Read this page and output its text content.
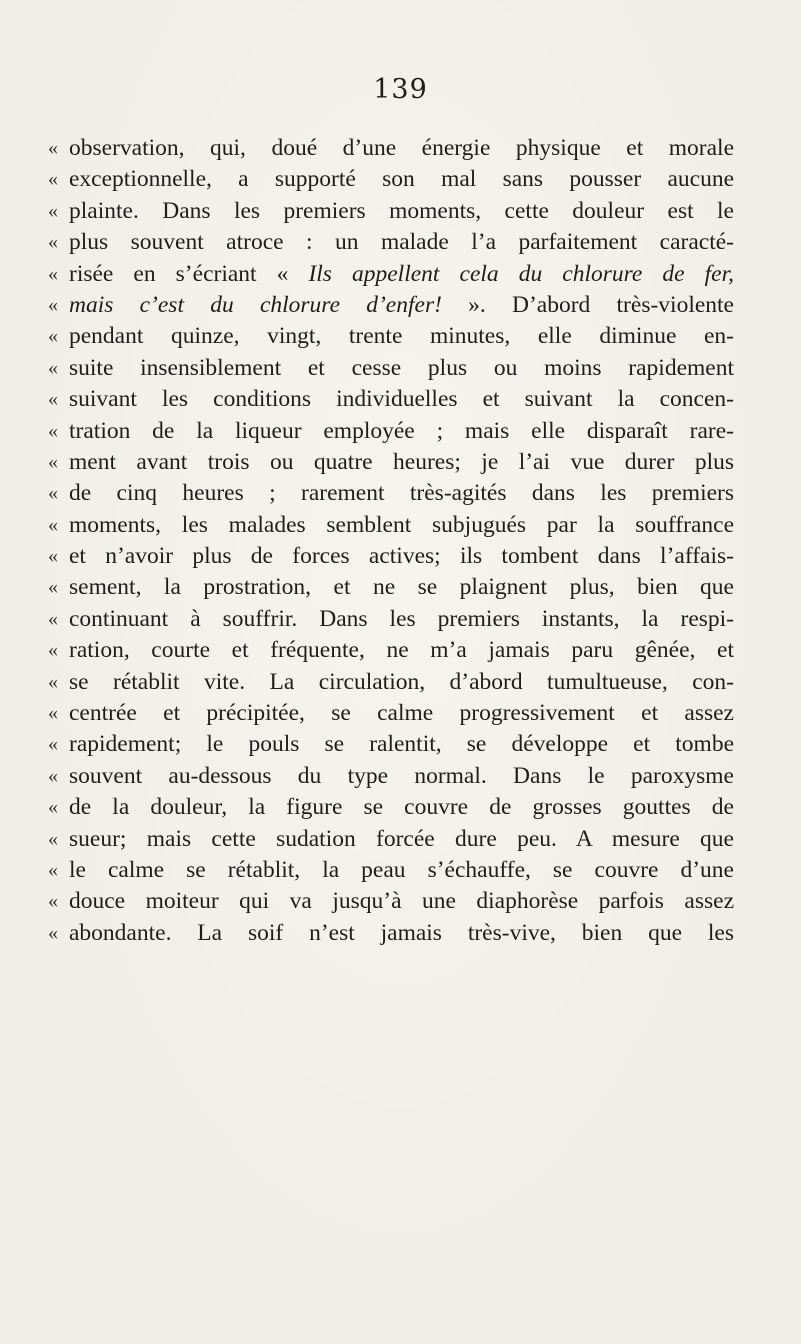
139
« observation, qui, doué d’une énergie physique et morale
« exceptionnelle, a supporté son mal sans pousser aucune
« plainte. Dans les premiers moments, cette douleur est le
« plus souvent atroce : un malade l’a parfaitement caracté-
« risée en s’écriant « Ils appellent cela du chlorure de fer,
« mais c’est du chlorure d’enfer! ». D’abord très-violente
« pendant quinze, vingt, trente minutes, elle diminue en-
« suite insensiblement et cesse plus ou moins rapidement
« suivant les conditions individuelles et suivant la concen-
« tration de la liqueur employée ; mais elle disparaît rare-
« ment avant trois ou quatre heures; je l’ai vue durer plus
« de cinq heures ; rarement très-agités dans les premiers
« moments, les malades semblent subjugués par la souffrance
« et n’avoir plus de forces actives; ils tombent dans l’affais-
« sement, la prostration, et ne se plaignent plus, bien que
« continuant à souffrir. Dans les premiers instants, la respi-
« ration, courte et fréquente, ne m’a jamais paru gênée, et
« se rétablit vite. La circulation, d’abord tumultueuse, con-
« centrée et précipitée, se calme progressivement et assez
« rapidement; le pouls se ralentit, se développe et tombe
« souvent au-dessous du type normal. Dans le paroxysme
« de la douleur, la figure se couvre de grosses gouttes de
« sueur; mais cette sudation forcée dure peu. A mesure que
« le calme se rétablit, la peau s’échauffe, se couvre d’une
« douce moiteur qui va jusqu’à une diaphorèse parfois assez
« abondante. La soif n’est jamais très-vive, bien que les
